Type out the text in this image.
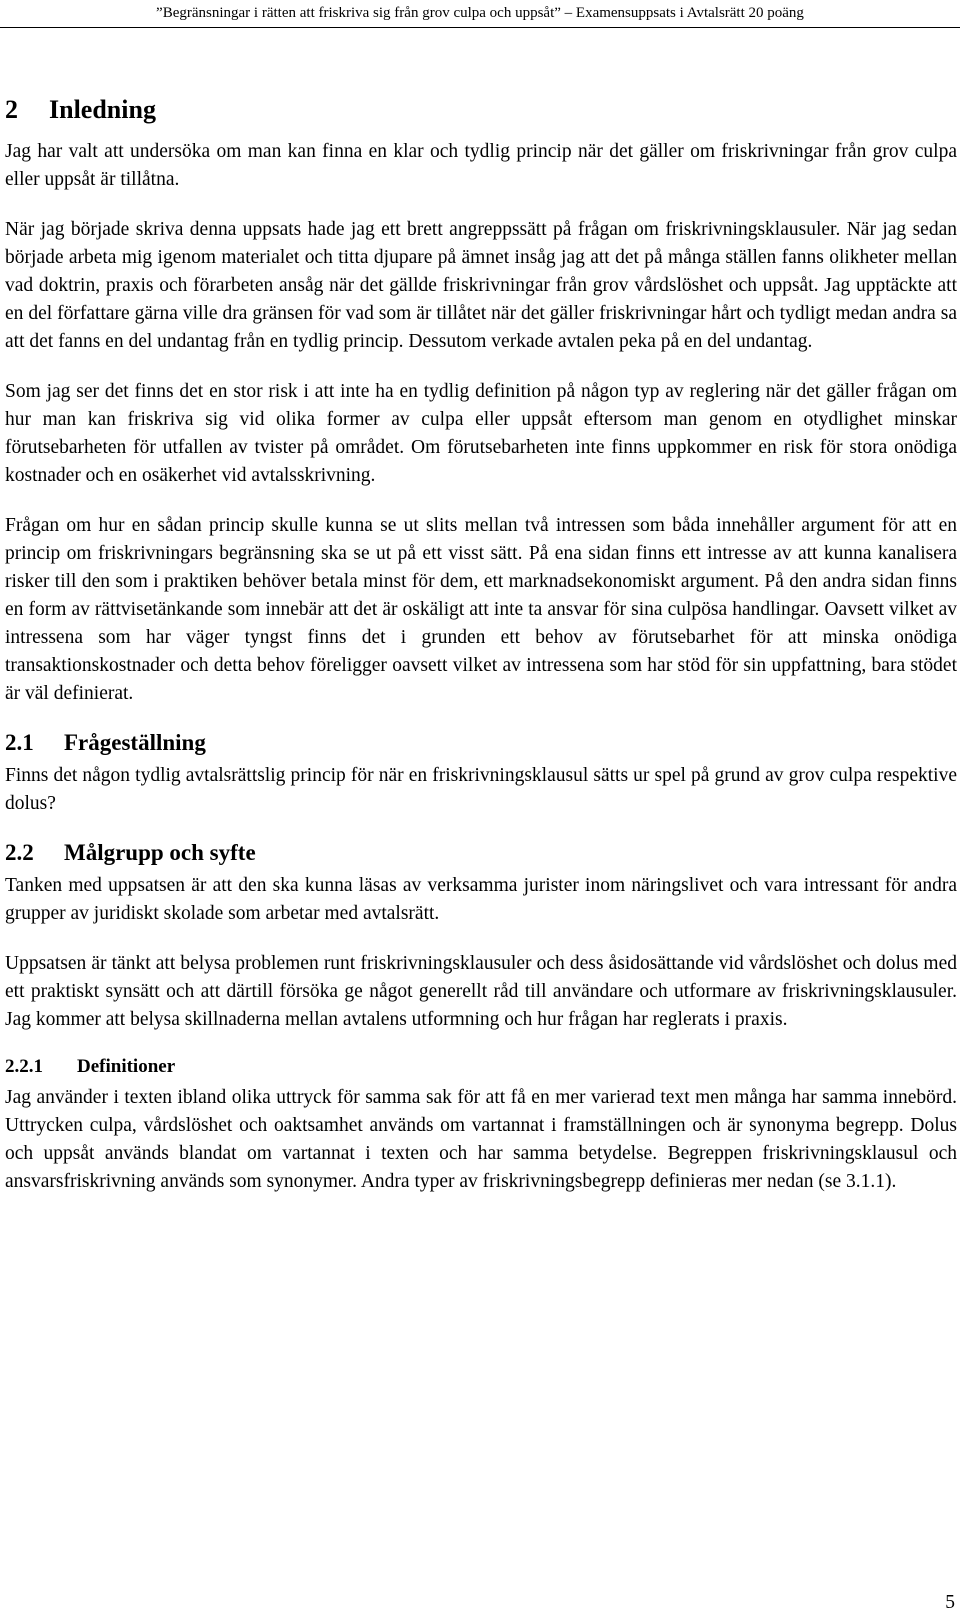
”Begränsningar i rätten att friskriva sig från grov culpa och uppsåt” – Examensuppsats i Avtalsrätt 20 poäng
2 Inledning

Jag har valt att undersöka om man kan finna en klar och tydlig princip när det gäller om friskrivningar från grov culpa eller uppsåt är tillåtna.

När jag började skriva denna uppsats hade jag ett brett angreppssätt på frågan om friskrivningsklausuler. När jag sedan började arbeta mig igenom materialet och titta djupare på ämnet insåg jag att det på många ställen fanns olikheter mellan vad doktrin, praxis och förarbeten ansåg när det gällde friskrivningar från grov vårdslöshet och uppsåt. Jag upptäckte att en del författare gärna ville dra gränsen för vad som är tillåtet när det gäller friskrivningar hårt och tydligt medan andra sa att det fanns en del undantag från en tydlig princip. Dessutom verkade avtalen peka på en del undantag.

Som jag ser det finns det en stor risk i att inte ha en tydlig definition på någon typ av reglering när det gäller frågan om hur man kan friskriva sig vid olika former av culpa eller uppsåt eftersom man genom en otydlighet minskar förutsebarheten för utfallen av tvister på området. Om förutsebarheten inte finns uppkommer en risk för stora onödiga kostnader och en osäkerhet vid avtalsskrivning.

Frågan om hur en sådan princip skulle kunna se ut slits mellan två intressen som båda innehåller argument för att en princip om friskrivningars begränsning ska se ut på ett visst sätt. På ena sidan finns ett intresse av att kunna kanalisera risker till den som i praktiken behöver betala minst för dem, ett marknadsekonomiskt argument. På den andra sidan finns en form av rättvisetänkande som innebär att det är oskäligt att inte ta ansvar för sina culpösa handlingar. Oavsett vilket av intressena som har väger tyngst finns det i grunden ett behov av förutsebarhet för att minska onödiga transaktionskostnader och detta behov föreligger oavsett vilket av intressena som har stöd för sin uppfattning, bara stödet är väl definierat.

2.1 Frågeställning

Finns det någon tydlig avtalsrättslig princip för när en friskrivningsklausul sätts ur spel på grund av grov culpa respektive dolus?

2.2 Målgrupp och syfte

Tanken med uppsatsen är att den ska kunna läsas av verksamma jurister inom näringslivet och vara intressant för andra grupper av juridiskt skolade som arbetar med avtalsrätt.

Uppsatsen är tänkt att belysa problemen runt friskrivningsklausuler och dess åsidosättande vid vårdslöshet och dolus med ett praktiskt synsätt och att därtill försöka ge något generellt råd till användare och utformare av friskrivningsklausuler. Jag kommer att belysa skillnaderna mellan avtalens utformning och hur frågan har reglerats i praxis.

2.2.1 Definitioner

Jag använder i texten ibland olika uttryck för samma sak för att få en mer varierad text men många har samma innebörd. Uttrycken culpa, vårdslöshet och oaktsamhet används om vartannat i framställningen och är synonyma begrepp. Dolus och uppsåt används blandat om vartannat i texten och har samma betydelse. Begreppen friskrivningsklausul och ansvarsfriskrivning används som synonymer. Andra typer av friskrivningsbegrepp definieras mer nedan (se 3.1.1).

5
